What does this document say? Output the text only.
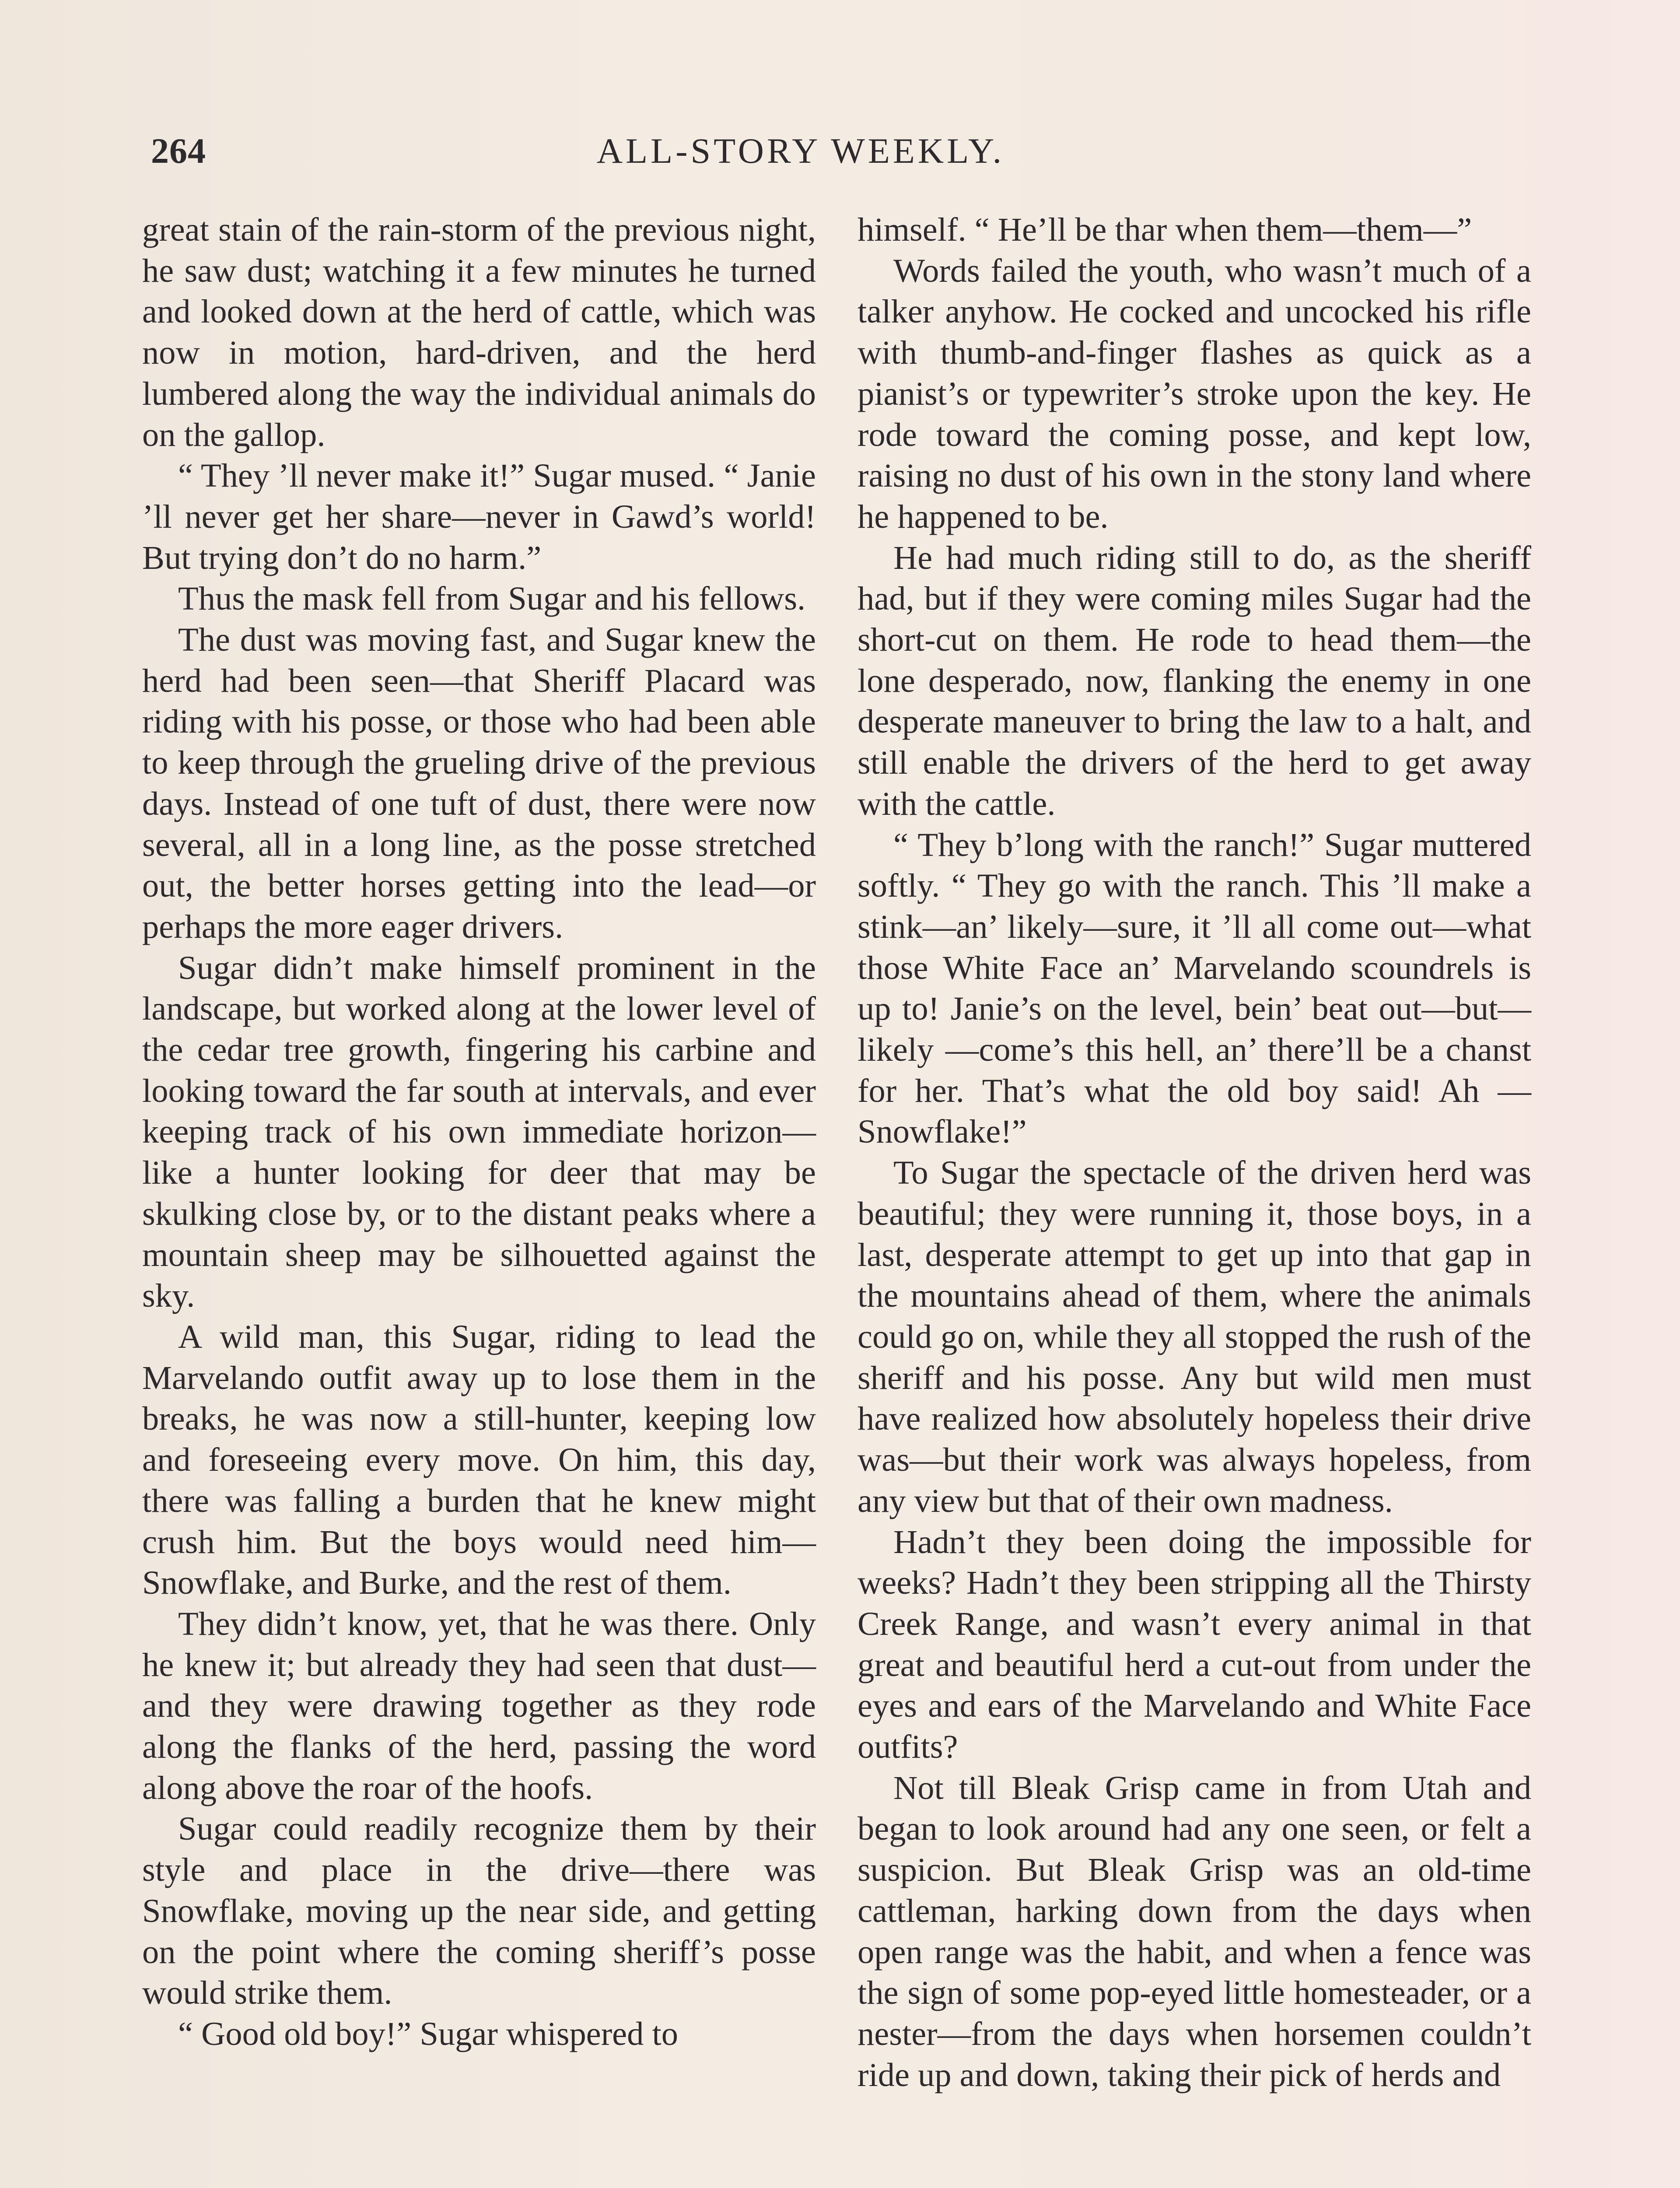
264	ALL-STORY WEEKLY.

great stain of the rain-storm of the previous night, he saw dust; watching it a few minutes he turned and looked down at the herd of cattle, which was now in motion, hard-driven, and the herd lumbered along the way the individual animals do on the gallop.

“ They ’ll never make it!” Sugar mused. “ Janie ’ll never get her share—never in Gawd’s world! But trying don’t do no harm.”

Thus the mask fell from Sugar and his fellows.

The dust was moving fast, and Sugar knew the herd had been seen—that Sheriff Placard was riding with his posse, or those who had been able to keep through the grueling drive of the previous days. Instead of one tuft of dust, there were now several, all in a long line, as the posse stretched out, the better horses getting into the lead—or perhaps the more eager drivers.

Sugar didn’t make himself prominent in the landscape, but worked along at the lower level of the cedar tree growth, fingering his carbine and looking toward the far south at intervals, and ever keeping track of his own immediate horizon—like a hunter looking for deer that may be skulking close by, or to the distant peaks where a mountain sheep may be silhouetted against the sky.

A wild man, this Sugar, riding to lead the Marvelando outfit away up to lose them in the breaks, he was now a still-hunter, keeping low and foreseeing every move. On him, this day, there was falling a burden that he knew might crush him. But the boys would need him—Snowflake, and Burke, and the rest of them.

They didn’t know, yet, that he was there. Only he knew it; but already they had seen that dust—and they were drawing together as they rode along the flanks of the herd, passing the word along above the roar of the hoofs.

Sugar could readily recognize them by their style and place in the drive—there was Snowflake, moving up the near side, and getting on the point where the coming sheriff’s posse would strike them.

“ Good old boy!” Sugar whispered to

himself. “ He’ll be thar when them—them—”

Words failed the youth, who wasn’t much of a talker anyhow. He cocked and uncocked his rifle with thumb-and-finger flashes as quick as a pianist’s or typewriter’s stroke upon the key. He rode toward the coming posse, and kept low, raising no dust of his own in the stony land where he happened to be.

He had much riding still to do, as the sheriff had, but if they were coming miles Sugar had the short-cut on them. He rode to head them—the lone desperado, now, flanking the enemy in one desperate maneuver to bring the law to a halt, and still enable the drivers of the herd to get away with the cattle.

“ They b’long with the ranch!” Sugar muttered softly. “ They go with the ranch. This ’ll make a stink—an’ likely—sure, it ’ll all come out—what those White Face an’ Marvelando scoundrels is up to! Janie’s on the level, bein’ beat out—but—likely —come’s this hell, an’ there’ll be a chanst for her. That’s what the old boy said! Ah —Snowflake!”

To Sugar the spectacle of the driven herd was beautiful; they were running it, those boys, in a last, desperate attempt to get up into that gap in the mountains ahead of them, where the animals could go on, while they all stopped the rush of the sheriff and his posse. Any but wild men must have realized how absolutely hopeless their drive was—but their work was always hopeless, from any view but that of their own madness.

Hadn’t they been doing the impossible for weeks? Hadn’t they been stripping all the Thirsty Creek Range, and wasn’t every animal in that great and beautiful herd a cut-out from under the eyes and ears of the Marvelando and White Face outfits?

Not till Bleak Grisp came in from Utah and began to look around had any one seen, or felt a suspicion. But Bleak Grisp was an old-time cattleman, harking down from the days when open range was the habit, and when a fence was the sign of some pop-eyed little homesteader, or a nester—from the days when horsemen couldn’t ride up and down, taking their pick of herds and
